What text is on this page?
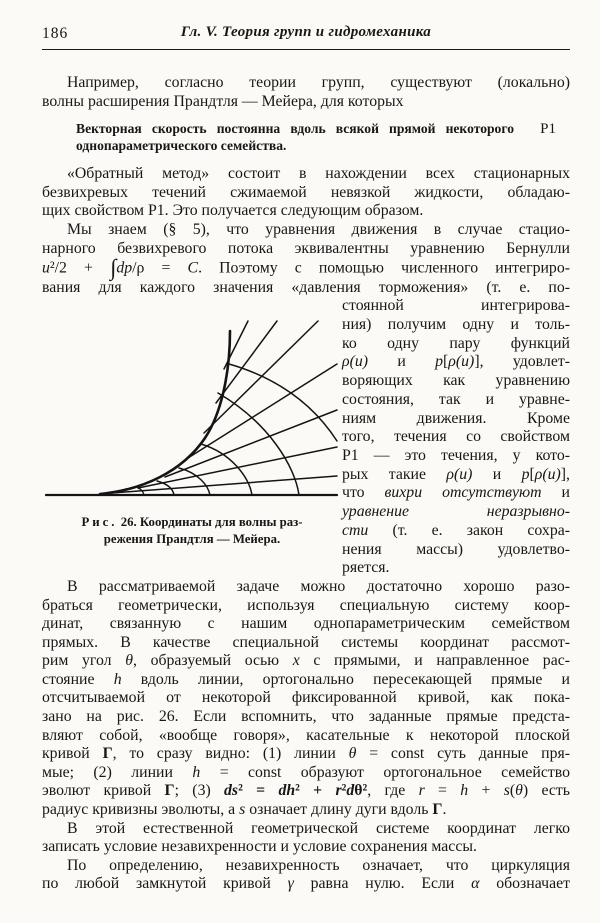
186	Гл. V. Теория групп и гидромеханика
Например, согласно теории групп, существуют (локально)
волны расширения Прандтля — Мейера, для которых
Векторная скорость постоянна вдоль всякой прямой некоторого
однопараметрического семейства.
P1
«Обратный метод» состоит в нахождении всех стационарных
безвихревых течений сжимаемой невязкой жидкости, обладаю-
щих свойством P1. Это получается следующим образом.
Мы знаем (§ 5), что уравнения движения в случае стацио-
нарного безвихревого потока эквивалентны уравнению Бернулли
u²/2 + ∫dp/ρ = C. Поэтому с помощью численного интегриро-
вания для каждого значения «давления торможения» (т. е. по-
Рис. 26. Координаты для волны раз-
режения Прандтля — Мейера.
стоянной интегрирова-
ния) получим одну и толь-
ко одну пару функций
ρ(u) и p[ρ(u)], удовлет-
воряющих как уравнению
состояния, так и уравне-
ниям движения. Кроме
того, течения со свойством
P1 — это течения, у кото-
рых такие ρ(u) и p[ρ(u)],
что вихри отсутствуют и
уравнение неразрывно-
сти (т. е. закон сохра-
нения массы) удовлетво-
ряется.
В рассматриваемой задаче можно достаточно хорошо разо-
браться геометрически, используя специальную систему коор-
динат, связанную с нашим однопараметрическим семейством
прямых. В качестве специальной системы координат рассмот-
рим угол θ, образуемый осью x с прямыми, и направленное рас-
стояние h вдоль линии, ортогонально пересекающей прямые и
отсчитываемой от некоторой фиксированной кривой, как пока-
зано на рис. 26. Если вспомнить, что заданные прямые предста-
вляют собой, «вообще говоря», касательные к некоторой плоской
кривой Γ, то сразу видно: (1) линии θ = const суть данные пря-
мые; (2) линии h = const образуют ортогональное семейство
эволют кривой Γ; (3) ds² = dh² + r²dθ², где r = h + s(θ) есть
радиус кривизны эволюты, а s означает длину дуги вдоль Γ.
В этой естественной геометрической системе координат легко
записать условие незавихренности и условие сохранения массы.
По определению, незавихренность означает, что циркуляция
по любой замкнутой кривой γ равна нулю. Если α обозначает
